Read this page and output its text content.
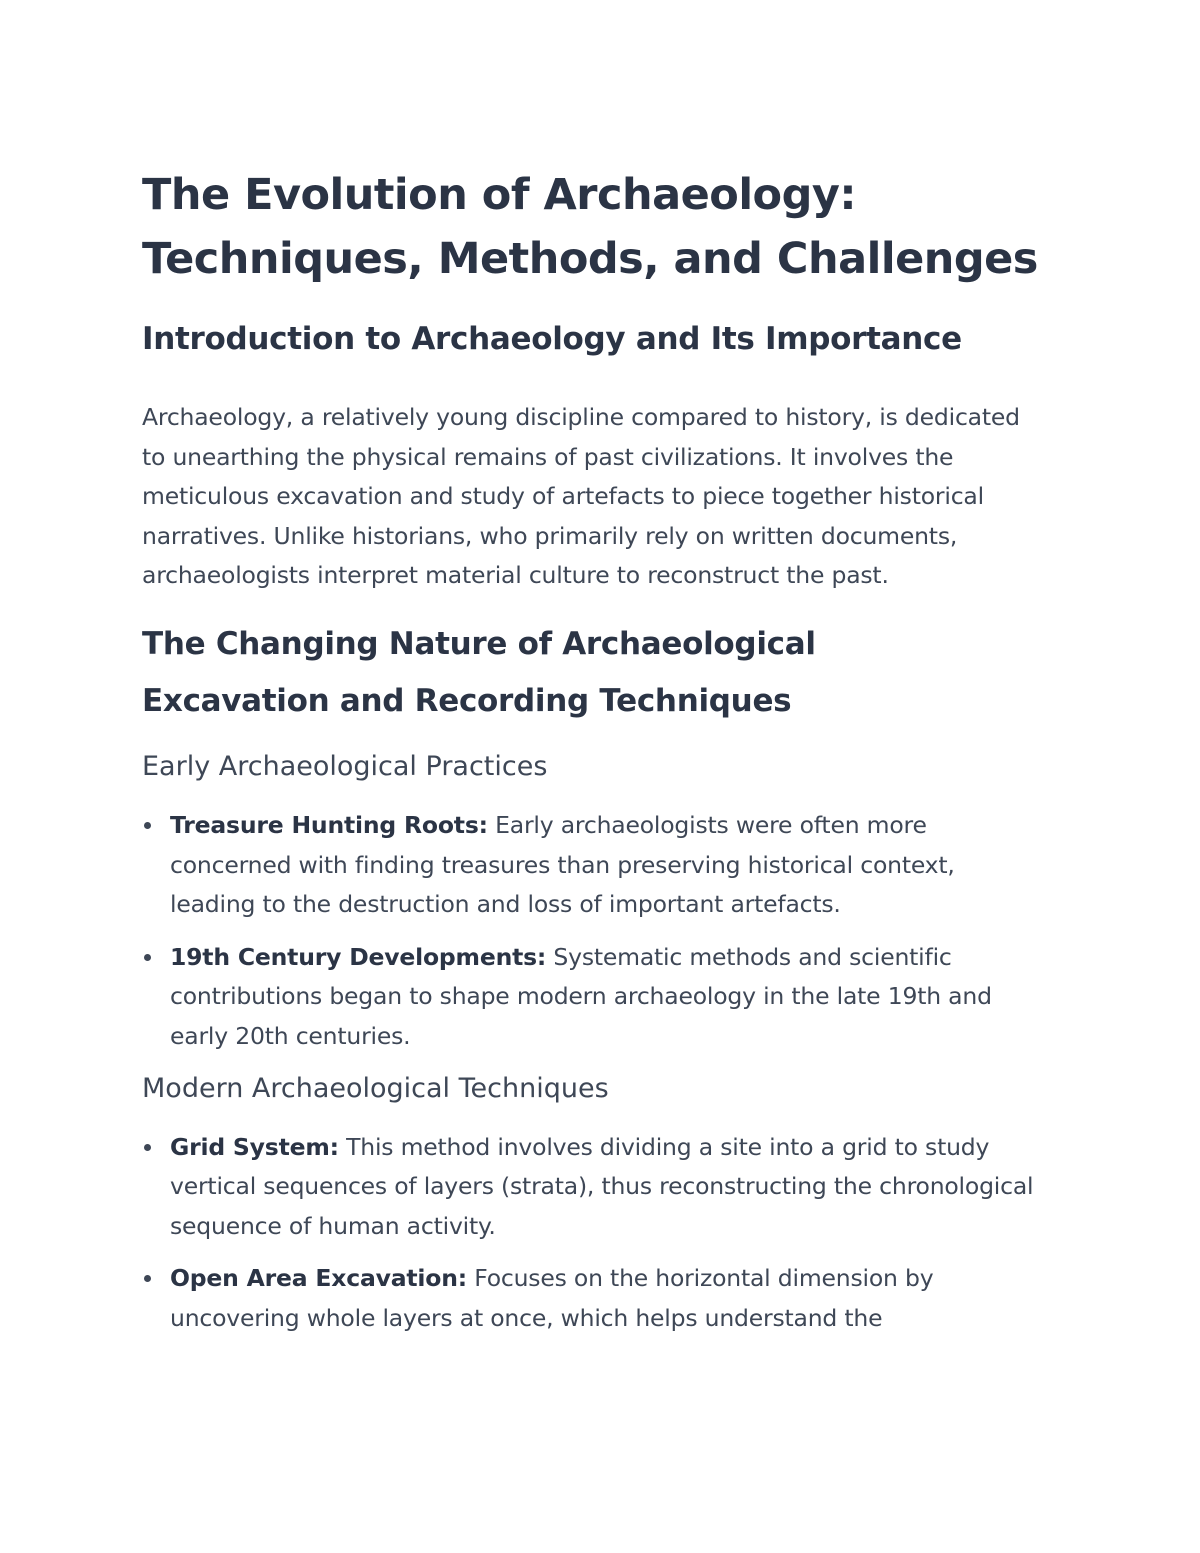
The Evolution of Archaeology:
Techniques, Methods, and Challenges
Introduction to Archaeology and Its Importance

Archaeology, a relatively young discipline compared to history, is dedicated to unearthing the physical remains of past civilizations. It involves the meticulous excavation and study of artefacts to piece together historical narratives. Unlike historians, who primarily rely on written documents, archaeologists interpret material culture to reconstruct the past.

The Changing Nature of Archaeological
Excavation and Recording Techniques
Early Archaeological Practices
Treasure Hunting Roots: Early archaeologists were often more concerned with finding treasures than preserving historical context, leading to the destruction and loss of important artefacts.
19th Century Developments: Systematic methods and scientific contributions began to shape modern archaeology in the late 19th and early 20th centuries.
Modern Archaeological Techniques
Grid System: This method involves dividing a site into a grid to study vertical sequences of layers (strata), thus reconstructing the chronological sequence of human activity.
Open Area Excavation: Focuses on the horizontal dimension by uncovering whole layers at once, which helps understand the
